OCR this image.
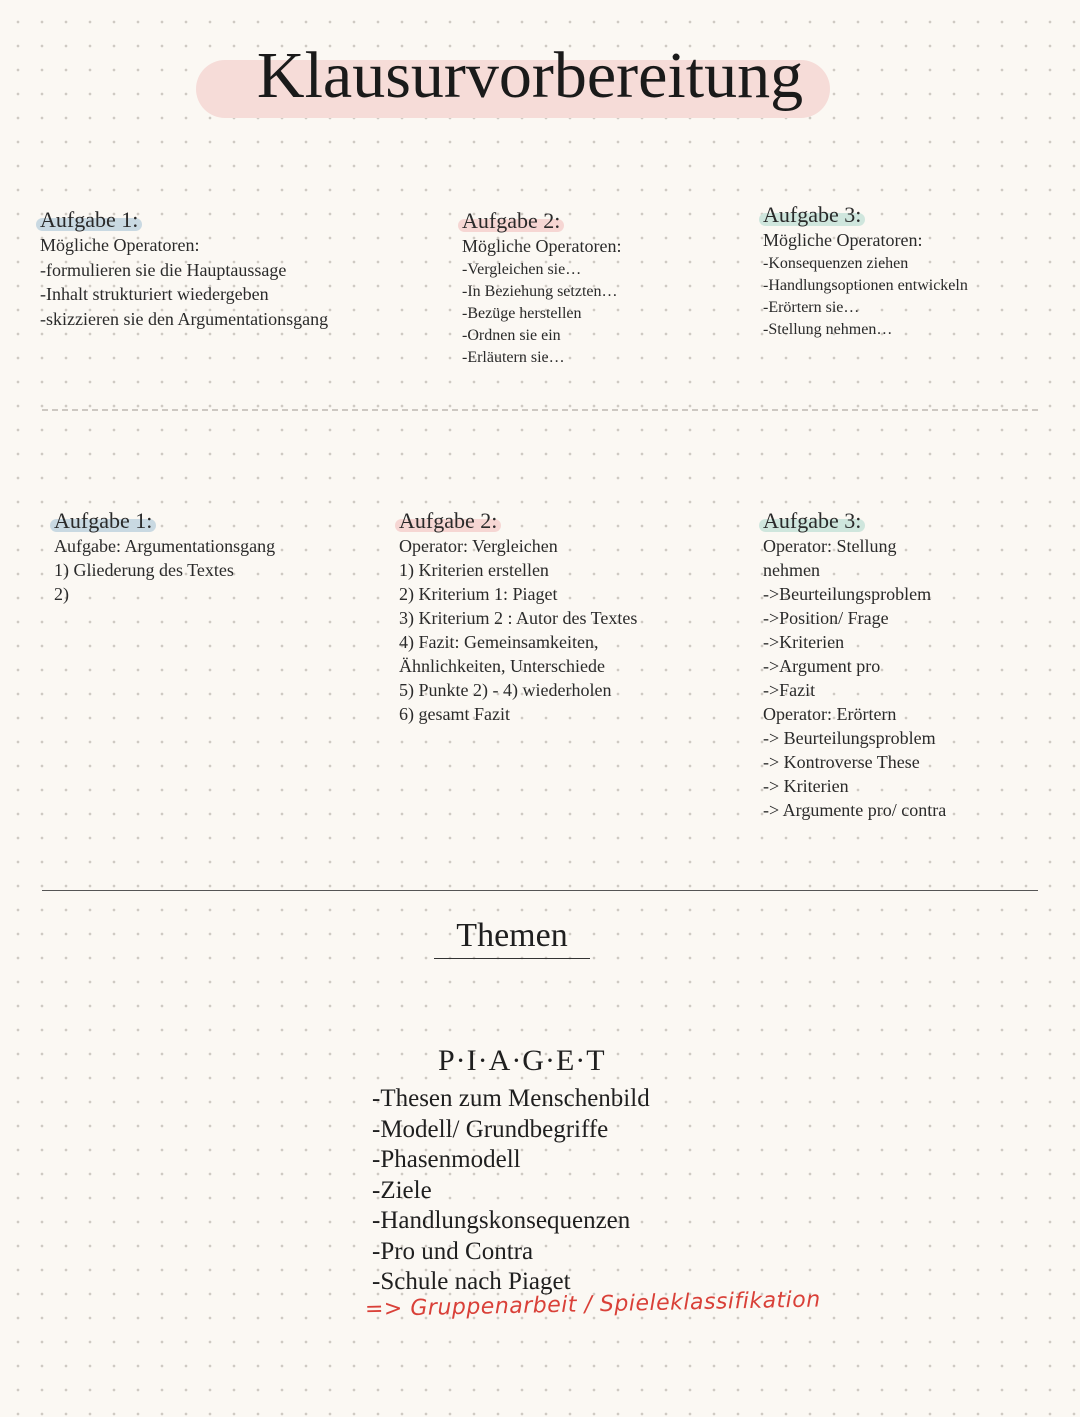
Klausurvorbereitung
Aufgabe 1:
Mögliche Operatoren:
-formulieren sie die Hauptaussage
-Inhalt strukturiert wiedergeben
-skizzieren sie den Argumentationsgang
Aufgabe 2:
Mögliche Operatoren:
-Vergleichen sie…
-In Beziehung setzten…
-Bezüge herstellen
-Ordnen sie ein
-Erläutern sie…
Aufgabe 3:
Mögliche Operatoren:
-Konsequenzen ziehen
-Handlungsoptionen entwickeln
-Erörtern sie…
-Stellung nehmen…
Aufgabe 1:
Aufgabe: Argumentationsgang
1) Gliederung des Textes
2)
Aufgabe 2:
Operator: Vergleichen
1) Kriterien erstellen
2) Kriterium 1: Piaget
3) Kriterium 2 : Autor des Textes
4) Fazit: Gemeinsamkeiten,
Ähnlichkeiten, Unterschiede
5) Punkte 2) - 4) wiederholen
6) gesamt Fazit
Aufgabe 3:
Operator: Stellung
nehmen
->Beurteilungsproblem
->Position/ Frage
->Kriterien
->Argument pro
->Fazit
Operator: Erörtern
-> Beurteilungsproblem
-> Kontroverse These
-> Kriterien
-> Argumente pro/ contra
Themen
P·I·A·G·E·T
-Thesen zum Menschenbild
-Modell/ Grundbegriffe
-Phasenmodell
-Ziele
-Handlungskonsequenzen
-Pro und Contra
-Schule nach Piaget
=> Gruppenarbeit / Spieleklassifikation
